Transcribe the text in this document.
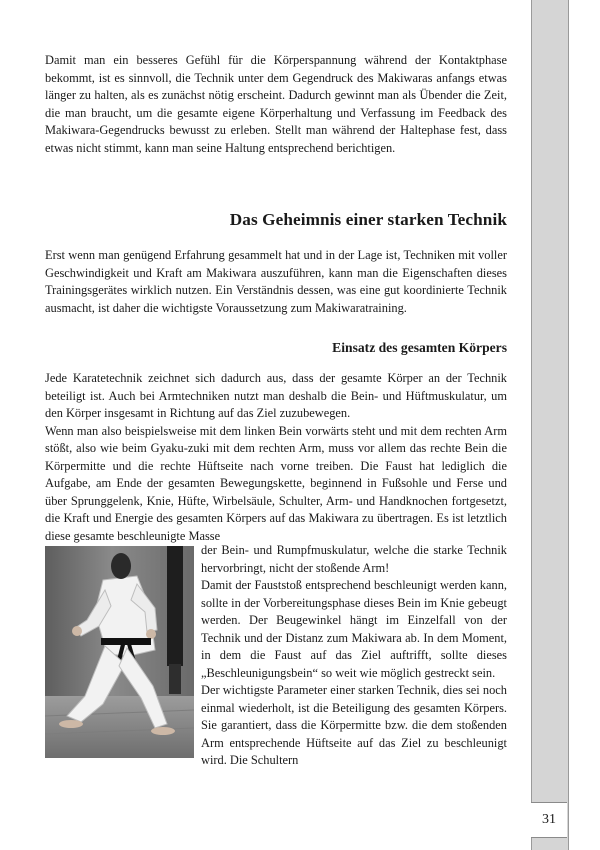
31

Damit man ein besseres Gefühl für die Körperspannung während der Kontaktphase bekommt, ist es sinnvoll, die Technik unter dem Gegendruck des Makiwaras anfangs etwas länger zu halten, als es zunächst nötig erscheint. Dadurch gewinnt man als Übender die Zeit, die man braucht, um die gesamte eigene Körperhaltung und Verfassung im Feedback des Makiwara-Gegendrucks bewusst zu erleben. Stellt man während der Haltephase fest, dass etwas nicht stimmt, kann man seine Haltung entsprechend berichtigen.

Das Geheimnis einer starken Technik

Erst wenn man genügend Erfahrung gesammelt hat und in der Lage ist, Techniken mit voller Geschwindigkeit und Kraft am Makiwara auszuführen, kann man die Eigenschaften dieses Trainingsgerätes wirklich nutzen. Ein Verständnis dessen, was eine gut koordinierte Technik ausmacht, ist daher die wichtigste Voraussetzung zum Makiwaratraining.

Einsatz des gesamten Körpers

Jede Karatetechnik zeichnet sich dadurch aus, dass der gesamte Körper an der Technik beteiligt ist. Auch bei Armtechniken nutzt man deshalb die Bein- und Hüftmuskulatur, um den Körper insgesamt in Richtung auf das Ziel zuzubewegen.

Wenn man also beispielsweise mit dem linken Bein vorwärts steht und mit dem rechten Arm stößt, also wie beim Gyaku-zuki mit dem rechten Arm, muss vor allem das rechte Bein die Körpermitte und die rechte Hüftseite nach vorne treiben. Die Faust hat lediglich die Aufgabe, am Ende der gesamten Bewegungskette, beginnend in Fußsohle und Ferse und über Sprunggelenk, Knie, Hüfte, Wirbelsäule, Schulter, Arm- und Handknochen fortgesetzt, die Kraft und Energie des gesamten Körpers auf das Makiwara zu übertragen. Es ist letztlich diese gesamte beschleunigte Masse

der Bein- und Rumpfmuskulatur, welche die starke Technik hervorbringt, nicht der stoßende Arm!

Damit der Fauststoß entsprechend beschleunigt werden kann, sollte in der Vorbereitungsphase dieses Bein im Knie gebeugt werden. Der Beugewinkel hängt im Einzelfall von der Technik und der Distanz zum Makiwara ab. In dem Moment, in dem die Faust auf das Ziel auftrifft, sollte dieses „Beschleunigungsbein“ so weit wie möglich gestreckt sein.

Der wichtigste Parameter einer starken Technik, dies sei noch einmal wiederholt, ist die Beteiligung des gesamten Körpers. Sie garantiert, dass die Körpermitte bzw. die dem stoßenden Arm entsprechende Hüftseite auf das Ziel zu beschleunigt wird. Die Schultern
